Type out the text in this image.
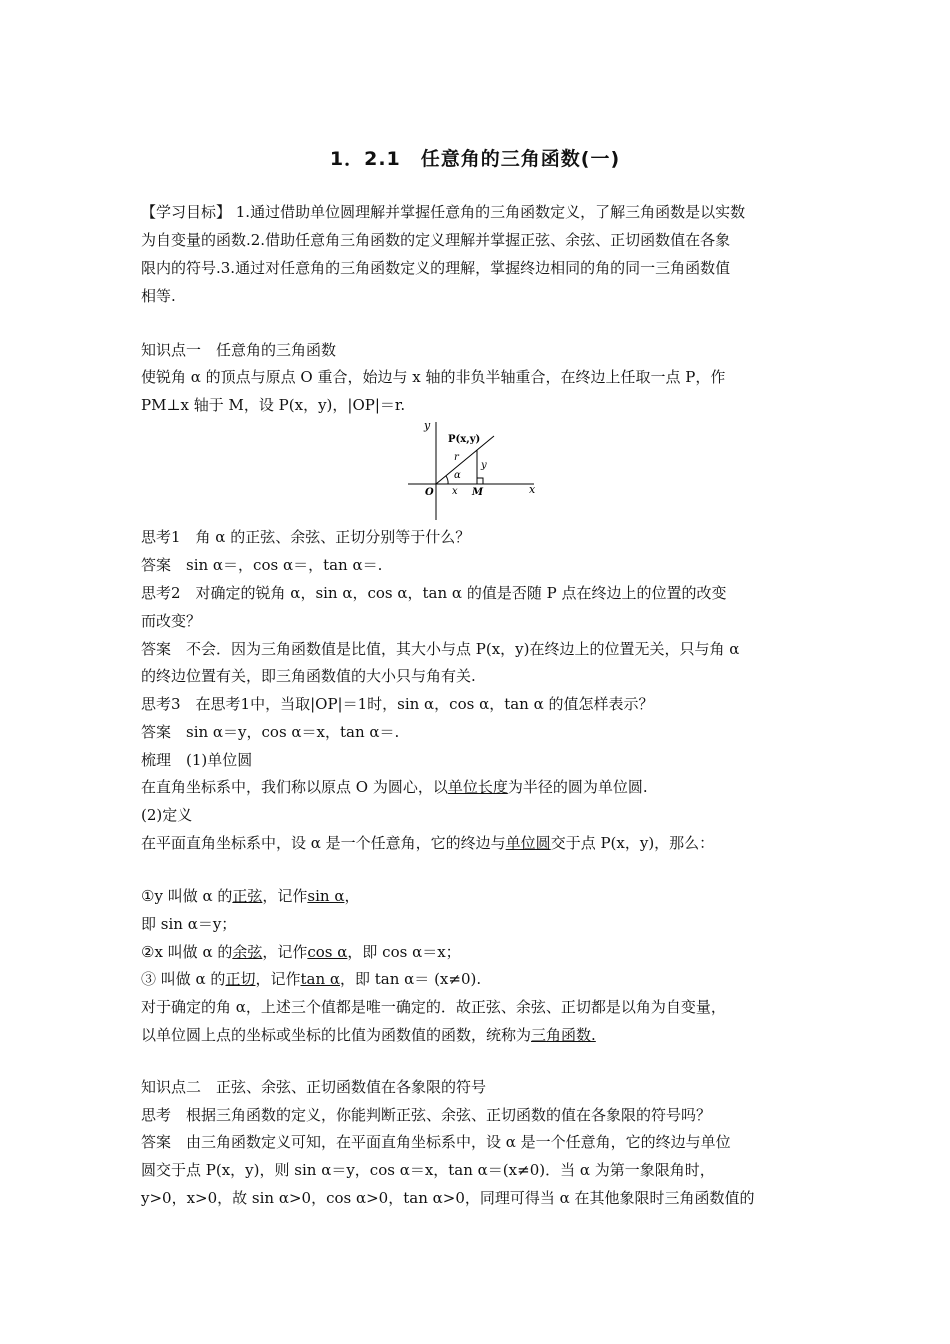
1．2.1　任意角的三角函数(一)
【学习目标】 1.通过借助单位圆理解并掌握任意角的三角函数定义，了解三角函数是以实数
为自变量的函数.2.借助任意角三角函数的定义理解并掌握正弦、余弦、正切函数值在各象
限内的符号.3.通过对任意角的三角函数定义的理解，掌握终边相同的角的同一三角函数值
相等.
知识点一　任意角的三角函数
使锐角 α 的顶点与原点 O 重合，始边与 x 轴的非负半轴重合，在终边上任取一点 P，作
PM⊥x 轴于 M，设 P(x，y)，|OP|＝r.
y
P(x,y)
r
y
α
O x M	x
思考1　角 α 的正弦、余弦、正切分别等于什么？
答案　sin α＝，cos α＝，tan α＝.
思考2　对确定的锐角 α，sin α，cos α，tan α 的值是否随 P 点在终边上的位置的改变
而改变？
答案　不会．因为三角函数值是比值，其大小与点 P(x，y)在终边上的位置无关，只与角 α
的终边位置有关，即三角函数值的大小只与角有关.
思考3　在思考1中，当取|OP|＝1时，sin α，cos α，tan α 的值怎样表示？
答案　sin α＝y，cos α＝x，tan α＝.
梳理　(1)单位圆
在直角坐标系中，我们称以原点 O 为圆心，以单位长度为半径的圆为单位圆.
(2)定义
在平面直角坐标系中，设 α 是一个任意角，它的终边与单位圆交于点 P(x，y)，那么：
①y 叫做 α 的正弦，记作sin α，
即 sin α＝y；
②x 叫做 α 的余弦，记作cos α，即 cos α＝x；
③ 叫做 α 的正切，记作tan α，即 tan α＝ (x≠0).
对于确定的角 α，上述三个值都是唯一确定的．故正弦、余弦、正切都是以角为自变量，
以单位圆上点的坐标或坐标的比值为函数值的函数，统称为三角函数.
知识点二　正弦、余弦、正切函数值在各象限的符号
思考　根据三角函数的定义，你能判断正弦、余弦、正切函数的值在各象限的符号吗？
答案　由三角函数定义可知，在平面直角坐标系中，设 α 是一个任意角，它的终边与单位
圆交于点 P(x，y)，则 sin α＝y，cos α＝x，tan α＝(x≠0)．当 α 为第一象限角时，
y>0，x>0，故 sin α>0，cos α>0，tan α>0，同理可得当 α 在其他象限时三角函数值的
